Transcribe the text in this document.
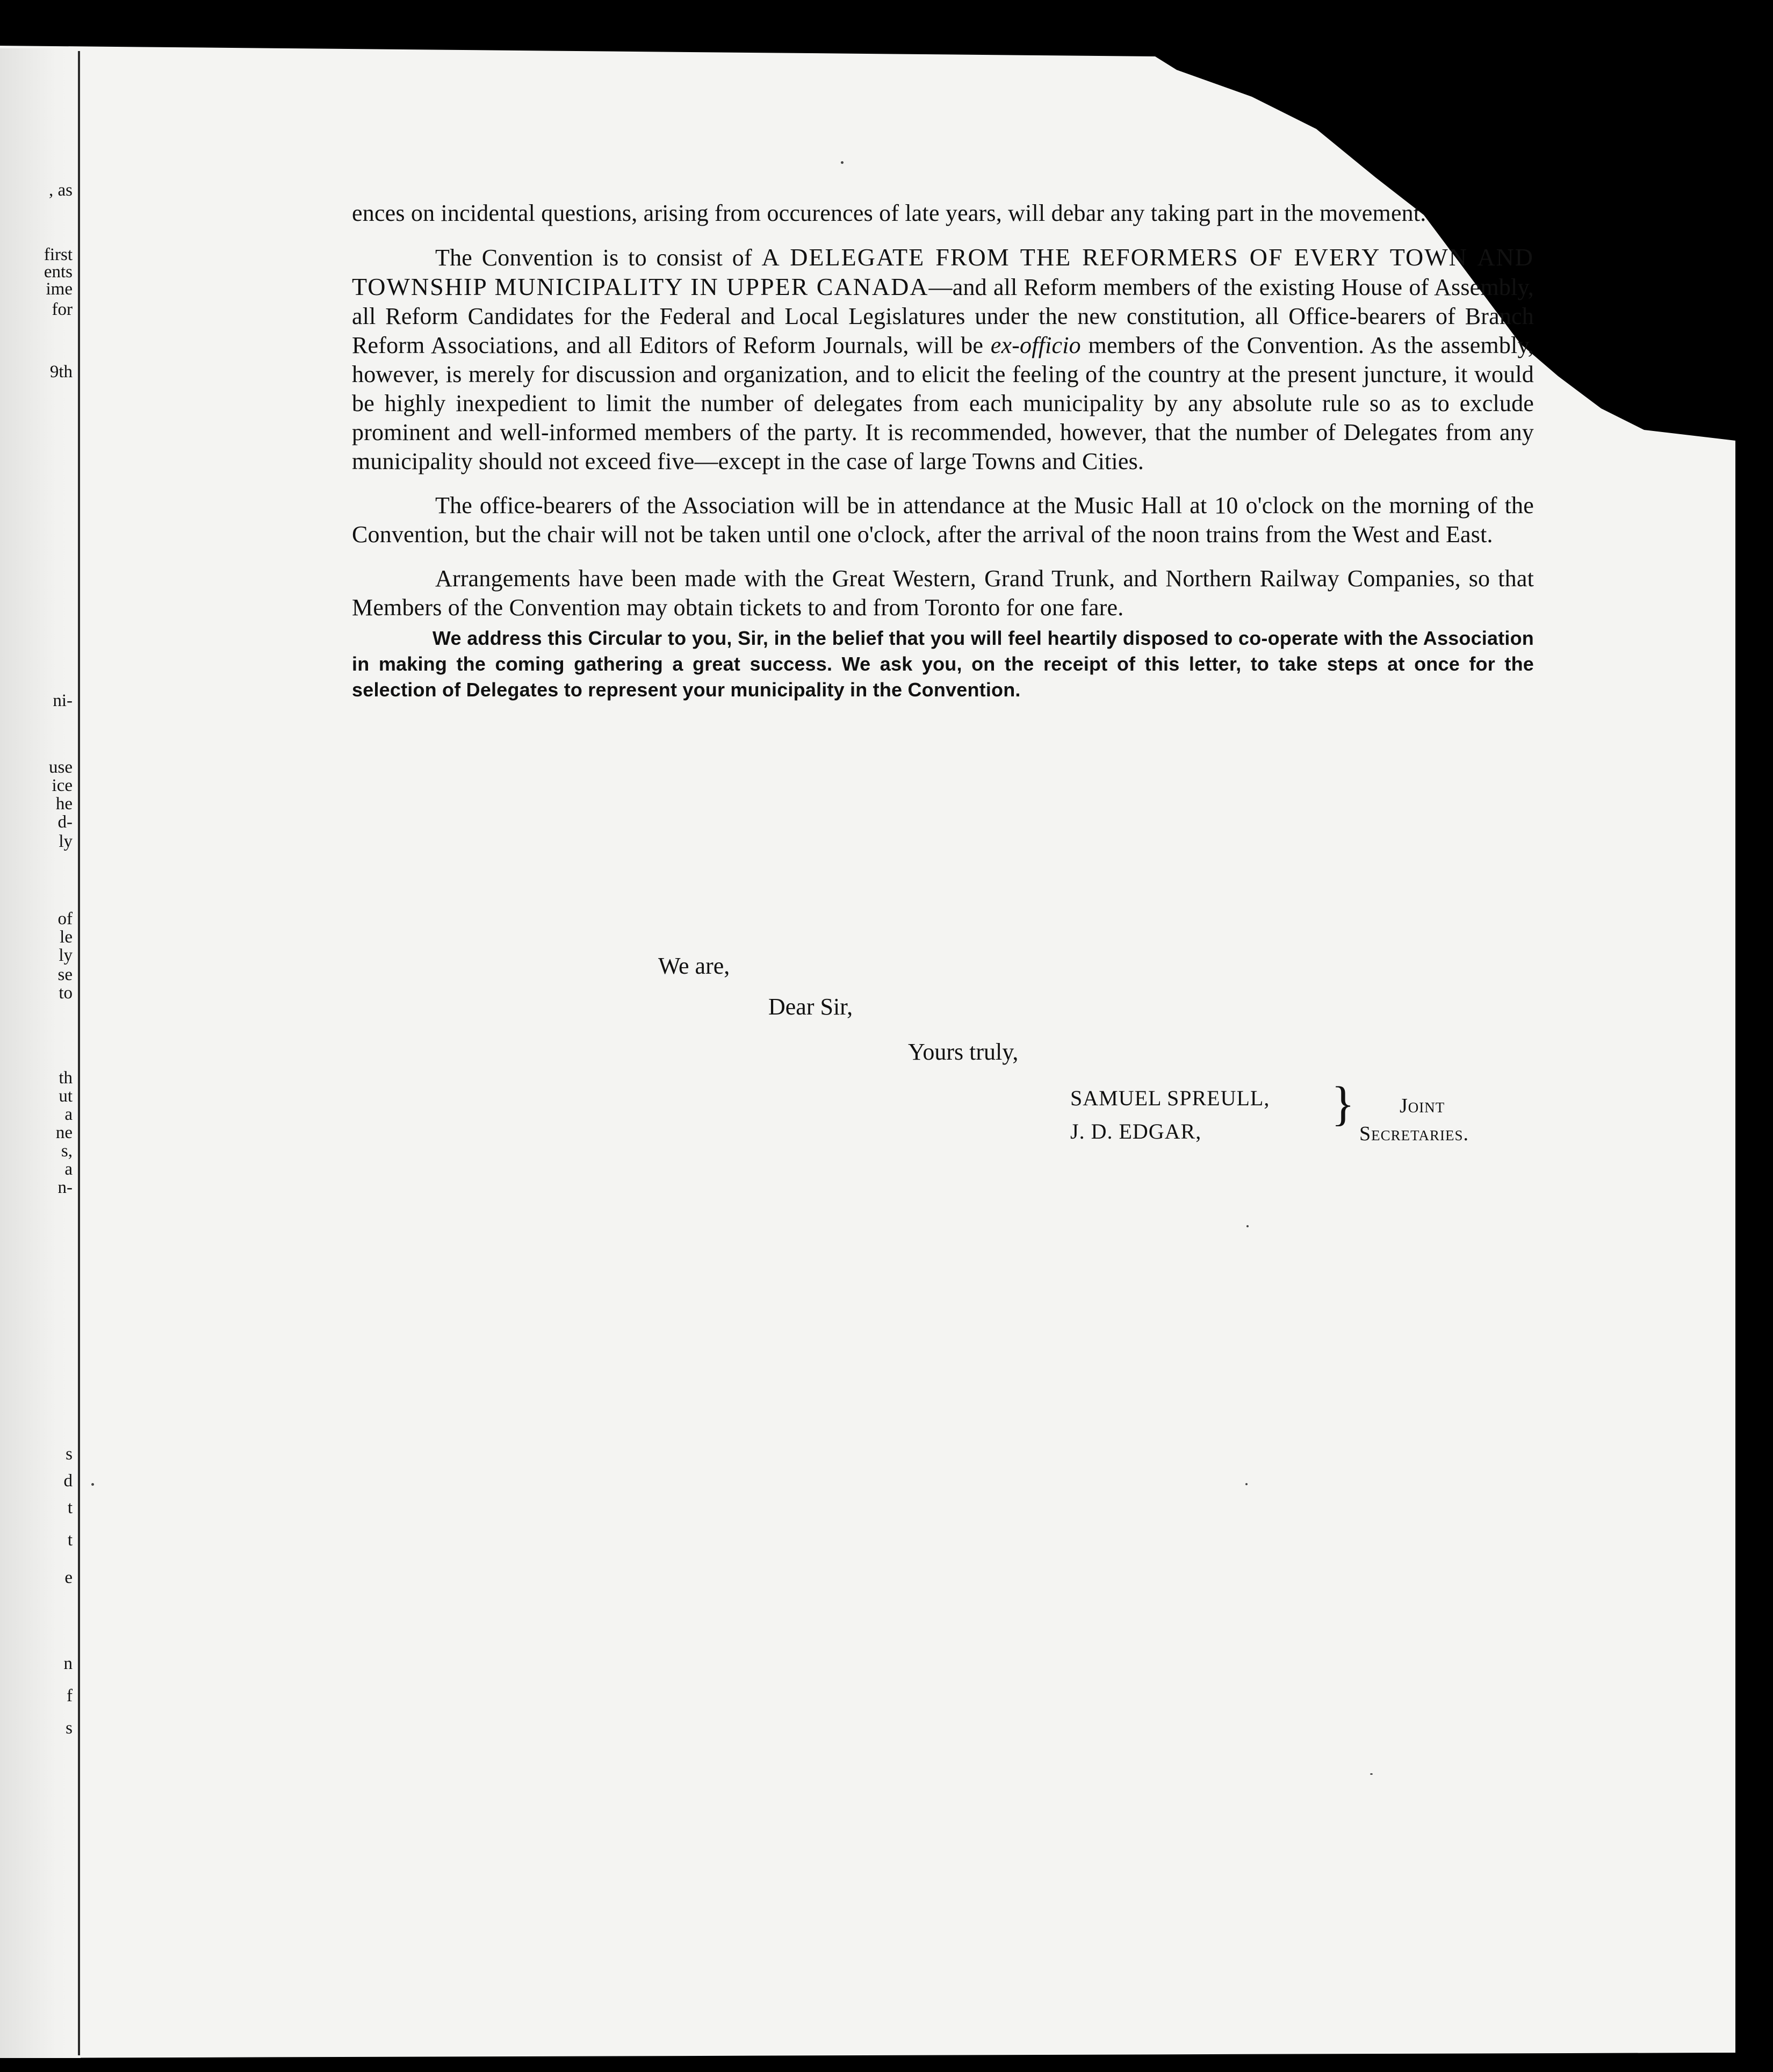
, as
first
ents
ime
for
9th
ni-
use
ice
he
d-
ly
of
le
ly
se
to
th
ut
a
ne
s,
a
n-
s
d
t
t
e
n
f
s

ences on incidental questions, arising from occurences of late years, will debar any taking part in the movement.

The Convention is to consist of A DELEGATE FROM THE REFORMERS OF EVERY TOWN AND TOWNSHIP MUNICIPALITY IN UPPER CANADA—and all Reform members of the existing House of Assembly, all Reform Candidates for the Federal and Local Legislatures under the new constitution, all Office-bearers of Branch Reform Associations, and all Editors of Reform Journals, will be ex-officio members of the Convention. As the assembly, however, is merely for discussion and organization, and to elicit the feeling of the country at the present juncture, it would be highly inexpedient to limit the number of delegates from each municipality by any absolute rule so as to exclude prominent and well-informed members of the party. It is recommended, however, that the number of Delegates from any municipality should not exceed five—except in the case of large Towns and Cities.

The office-bearers of the Association will be in attendance at the Music Hall at 10 o'clock on the morning of the Convention, but the chair will not be taken until one o'clock, after the arrival of the noon trains from the West and East.

Arrangements have been made with the Great Western, Grand Trunk, and Northern Railway Companies, so that Members of the Convention may obtain tickets to and from Toronto for one fare.

We address this Circular to you, Sir, in the belief that you will feel heartily disposed to co-operate with the Association in making the coming gathering a great success. We ask you, on the receipt of this letter, to take steps at once for the selection of Delegates to represent your municipality in the Convention.

We are,
Dear Sir,
Yours truly,
SAMUEL SPREULL,
J. D. EDGAR,
} Joint
Secretaries.
